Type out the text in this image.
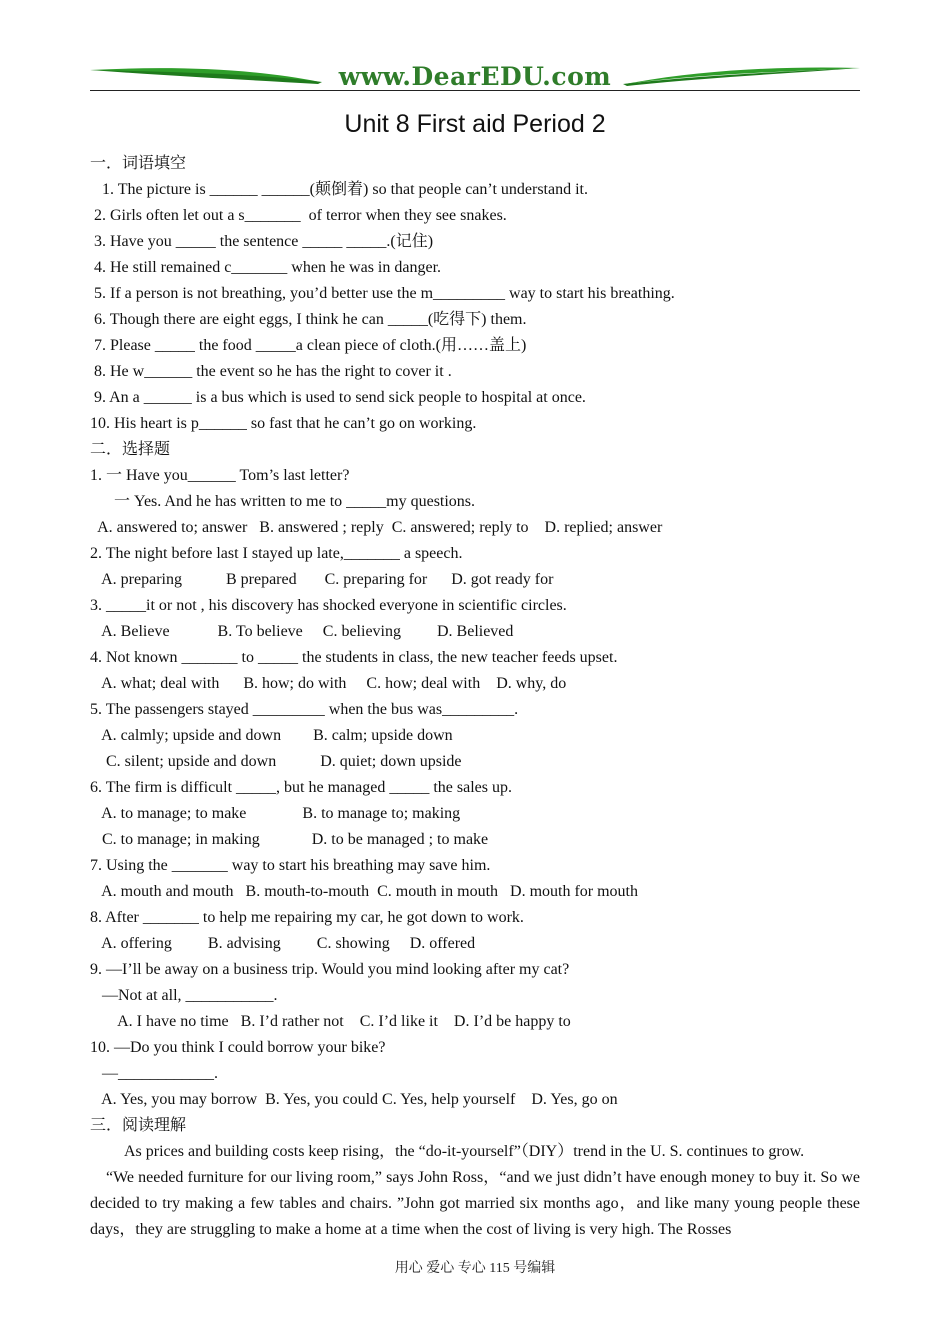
www.DearEDU.com
Unit 8 First aid Period 2
一．词语填空
1. The picture is ______ ______(颠倒着) so that people can’t understand it.
2. Girls often let out a s_______  of terror when they see snakes.
3. Have you _____ the sentence _____ _____.(记住)
4. He still remained c_______ when he was in danger.
5. If a person is not breathing, you’d better use the m_________ way to start his breathing.
6. Though there are eight eggs, I think he can _____(吃得下) them.
7. Please _____ the food _____a clean piece of cloth.(用……盖上)
8. He w______ the event so he has the right to cover it .
9. An a ______ is a bus which is used to send sick people to hospital at once.
10. His heart is p______ so fast that he can’t go on working.
二．选择题
1. 一 Have you______ Tom’s last letter?
一 Yes. And he has written to me to _____my questions.
A. answered to; answer   B. answered ; reply  C. answered; reply to    D. replied; answer
2. The night before last I stayed up late,_______ a speech.
A. preparing           B prepared       C. preparing for      D. got ready for
3. _____it or not , his discovery has shocked everyone in scientific circles.
A. Believe            B. To believe     C. believing         D. Believed
4. Not known _______ to _____ the students in class, the new teacher feeds upset.
A. what; deal with      B. how; do with     C. how; deal with    D. why, do
5. The passengers stayed _________ when the bus was_________.
A. calmly; upside and down        B. calm; upside down
C. silent; upside and down           D. quiet; down upside
6. The firm is difficult _____, but he managed _____ the sales up.
A. to manage; to make              B. to manage to; making
C. to manage; in making             D. to be managed ; to make
7. Using the _______ way to start his breathing may save him.
A. mouth and mouth   B. mouth-to-mouth  C. mouth in mouth   D. mouth for mouth
8. After _______ to help me repairing my car, he got down to work.
A. offering         B. advising         C. showing     D. offered
9. —I’ll be away on a business trip. Would you mind looking after my cat?
—Not at all, ___________.
A. I have no time   B. I’d rather not    C. I’d like it    D. I’d be happy to
10. —Do you think I could borrow your bike?
—____________.
A. Yes, you may borrow  B. Yes, you could C. Yes, help yourself    D. Yes, go on
三．阅读理解

As prices and building costs keep rising，the “do-it-yourself”（DIY）trend in the U. S. continues to grow.

“We needed furniture for our living room,” says John Ross，“and we just didn’t have enough money to buy it. So we decided to try making a few tables and chairs. ”John got married six months ago，and like many young people these days，they are struggling to make a home at a time when the cost of living is very high. The Rosses

用心 爱心 专心 115 号编辑
